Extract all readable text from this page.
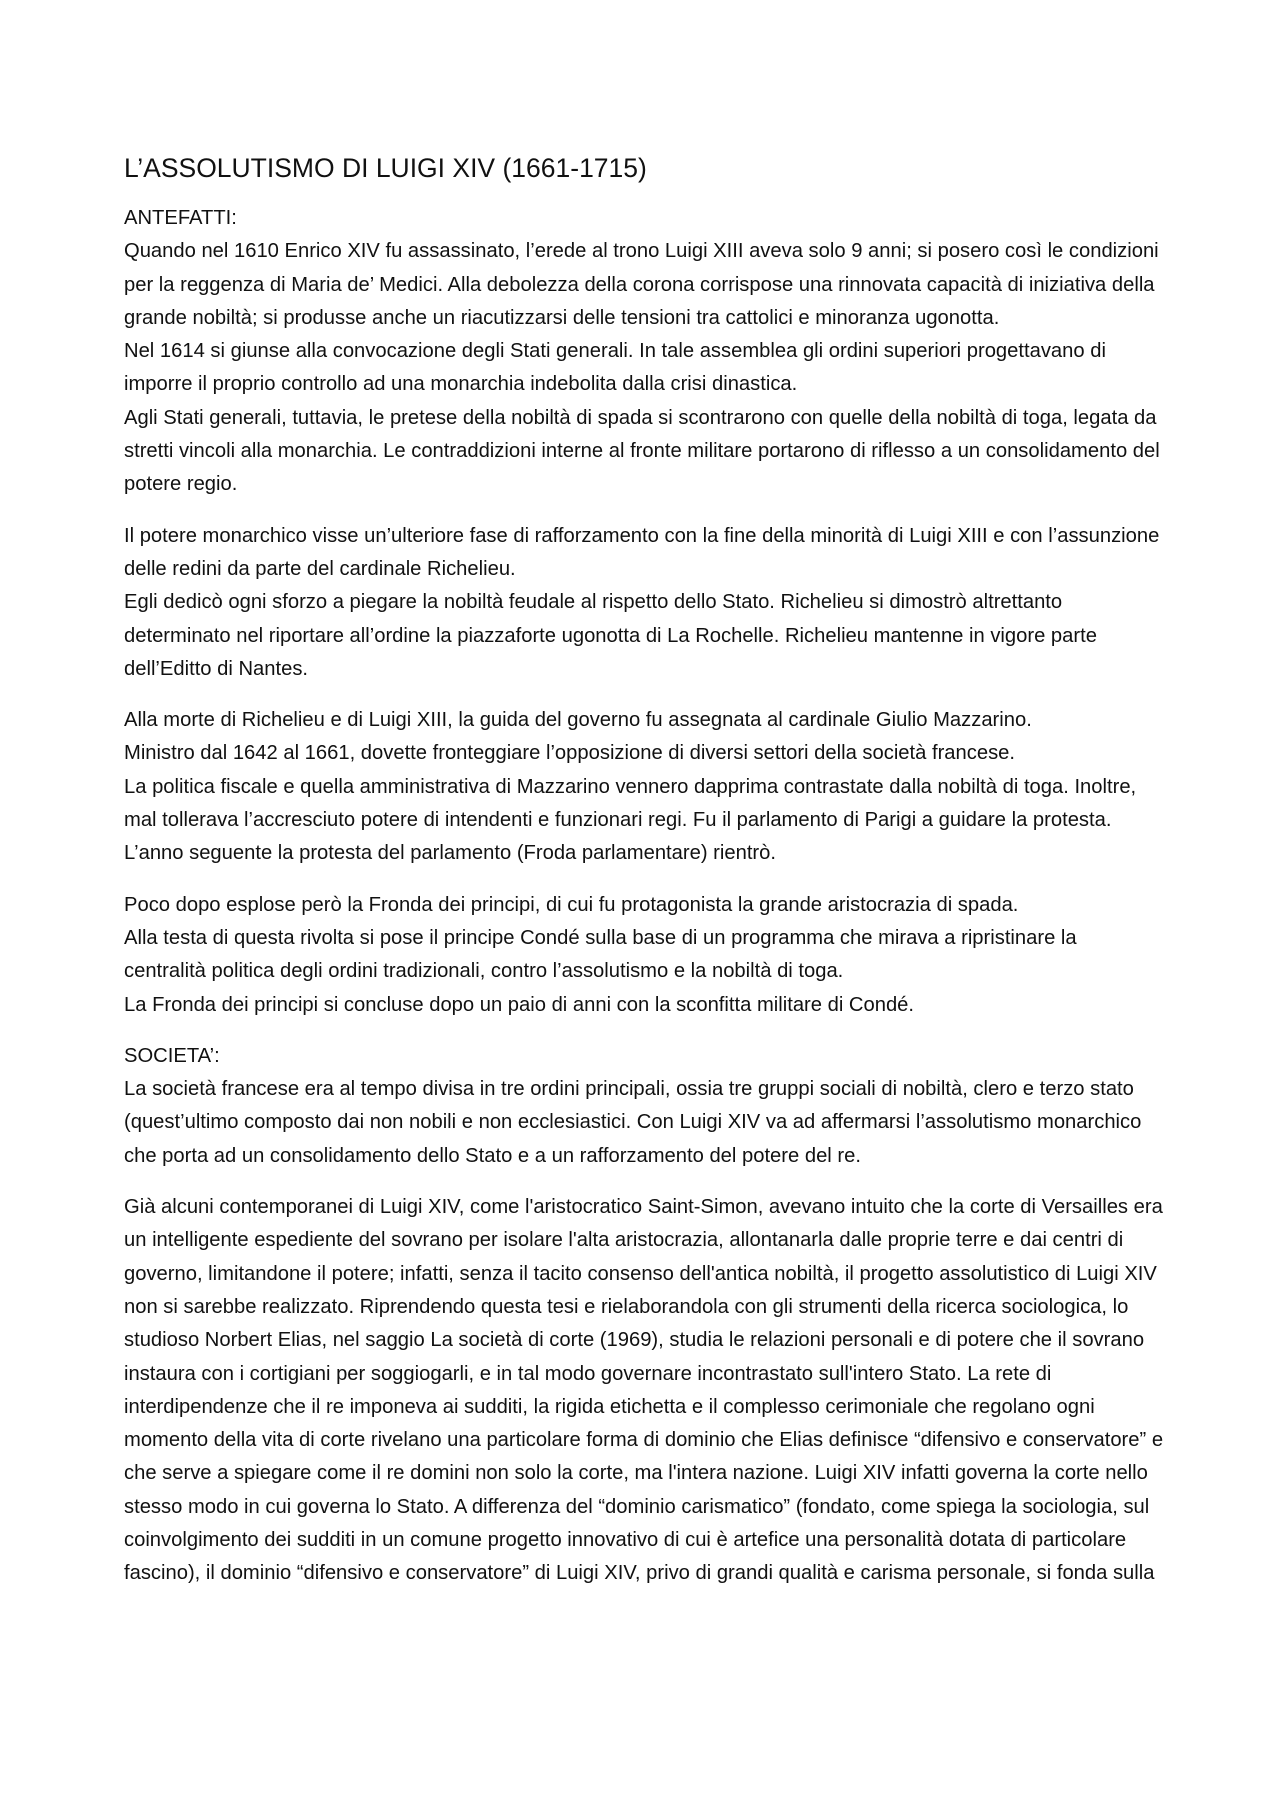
L’ASSOLUTISMO DI LUIGI XIV (1661-1715)

ANTEFATTI:

Quando nel 1610 Enrico XIV fu assassinato, l’erede al trono Luigi XIII aveva solo 9 anni; si posero così le condizioni per la reggenza di Maria de’ Medici. Alla debolezza della corona corrispose una rinnovata capacità di iniziativa della grande nobiltà; si produsse anche un riacutizzarsi delle tensioni tra cattolici e minoranza ugonotta.

Nel 1614 si giunse alla convocazione degli Stati generali. In tale assemblea gli ordini superiori progettavano di imporre il proprio controllo ad una monarchia indebolita dalla crisi dinastica.

Agli Stati generali, tuttavia, le pretese della nobiltà di spada si scontrarono con quelle della nobiltà di toga, legata da stretti vincoli alla monarchia. Le contraddizioni interne al fronte militare portarono di riflesso a un consolidamento del potere regio.

Il potere monarchico visse un’ulteriore fase di rafforzamento con la fine della minorità di Luigi XIII e con l’assunzione delle redini da parte del cardinale Richelieu.

Egli dedicò ogni sforzo a piegare la nobiltà feudale al rispetto dello Stato. Richelieu si dimostrò altrettanto determinato nel riportare all’ordine la piazzaforte ugonotta di La Rochelle. Richelieu mantenne in vigore parte dell’Editto di Nantes.

Alla morte di Richelieu e di Luigi XIII, la guida del governo fu assegnata al cardinale Giulio Mazzarino.

Ministro dal 1642 al 1661, dovette fronteggiare l’opposizione di diversi settori della società francese.

La politica fiscale e quella amministrativa di Mazzarino vennero dapprima contrastate dalla nobiltà di toga. Inoltre, mal tollerava l’accresciuto potere di intendenti e funzionari regi. Fu il parlamento di Parigi a guidare la protesta. L’anno seguente la protesta del parlamento (Froda parlamentare) rientrò.

Poco dopo esplose però la Fronda dei principi, di cui fu protagonista la grande aristocrazia di spada.

Alla testa di questa rivolta si pose il principe Condé sulla base di un programma che mirava a ripristinare la centralità politica degli ordini tradizionali, contro l’assolutismo e la nobiltà di toga.

La Fronda dei principi si concluse dopo un paio di anni con la sconfitta militare di Condé.

SOCIETA’:

La società francese era al tempo divisa in tre ordini principali, ossia tre gruppi sociali di nobiltà, clero e terzo stato (quest’ultimo composto dai non nobili e non ecclesiastici. Con Luigi XIV va ad affermarsi l’assolutismo monarchico che porta ad un consolidamento dello Stato e a un rafforzamento del potere del re.

Già alcuni contemporanei di Luigi XIV, come l'aristocratico Saint-Simon, avevano intuito che la corte di Versailles era un intelligente espediente del sovrano per isolare l'alta aristocrazia, allontanarla dalle proprie terre e dai centri di governo, limitandone il potere; infatti, senza il tacito consenso dell'antica nobiltà, il progetto assolutistico di Luigi XIV non si sarebbe realizzato. Riprendendo questa tesi e rielaborandola con gli strumenti della ricerca sociologica, lo studioso Norbert Elias, nel saggio La società di corte (1969), studia le relazioni personali e di potere che il sovrano instaura con i cortigiani per soggiogarli, e in tal modo governare incontrastato sull'intero Stato. La rete di interdipendenze che il re imponeva ai sudditi, la rigida etichetta e il complesso cerimoniale che regolano ogni momento della vita di corte rivelano una particolare forma di dominio che Elias definisce “difensivo e conservatore” e che serve a spiegare come il re domini non solo la corte, ma l'intera nazione. Luigi XIV infatti governa la corte nello stesso modo in cui governa lo Stato. A differenza del “dominio carismatico” (fondato, come spiega la sociologia, sul coinvolgimento dei sudditi in un comune progetto innovativo di cui è artefice una personalità dotata di particolare fascino), il dominio “difensivo e conservatore” di Luigi XIV, privo di grandi qualità e carisma personale, si fonda sulla
